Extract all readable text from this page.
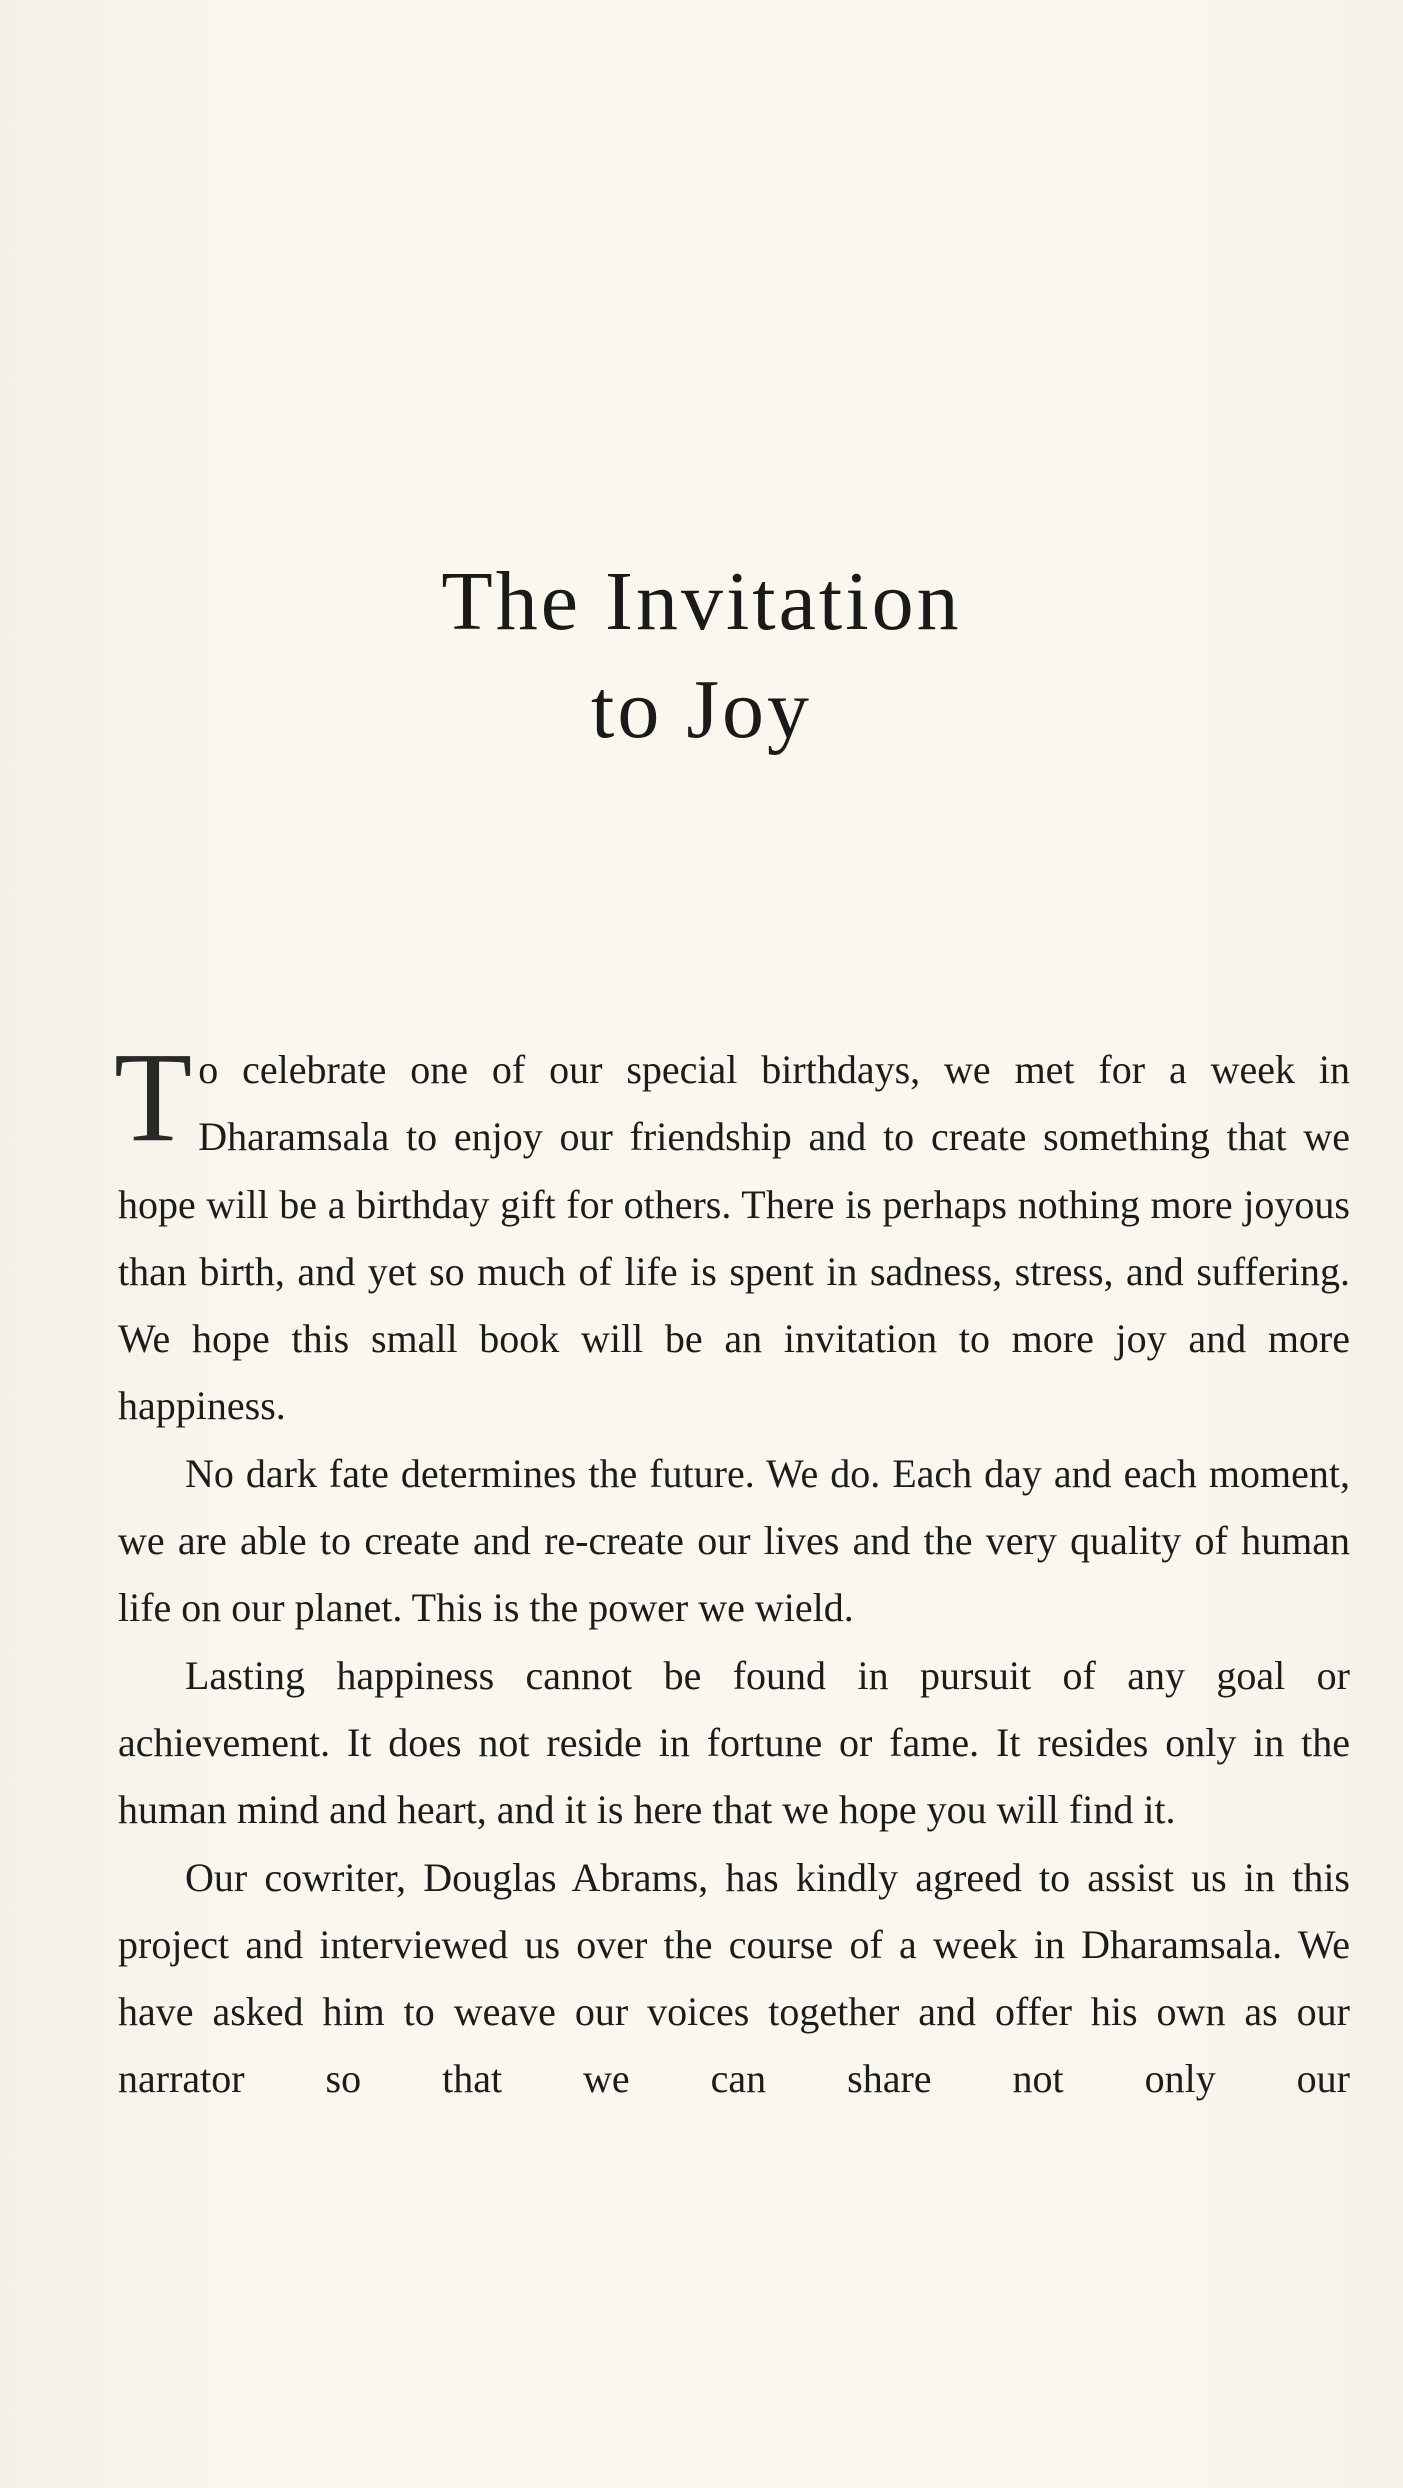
The Invitation
to Joy

To celebrate one of our special birthdays, we met for a week in Dharamsala to enjoy our friendship and to create something that we hope will be a birthday gift for others. There is perhaps nothing more joyous than birth, and yet so much of life is spent in sadness, stress, and suffering. We hope this small book will be an invitation to more joy and more happiness.

No dark fate determines the future. We do. Each day and each moment, we are able to create and re-create our lives and the very quality of human life on our planet. This is the power we wield.

Lasting happiness cannot be found in pursuit of any goal or achievement. It does not reside in fortune or fame. It resides only in the human mind and heart, and it is here that we hope you will find it.

Our cowriter, Douglas Abrams, has kindly agreed to assist us in this project and interviewed us over the course of a week in Dharamsala. We have asked him to weave our voices together and offer his own as our narrator so that we can share not only our
